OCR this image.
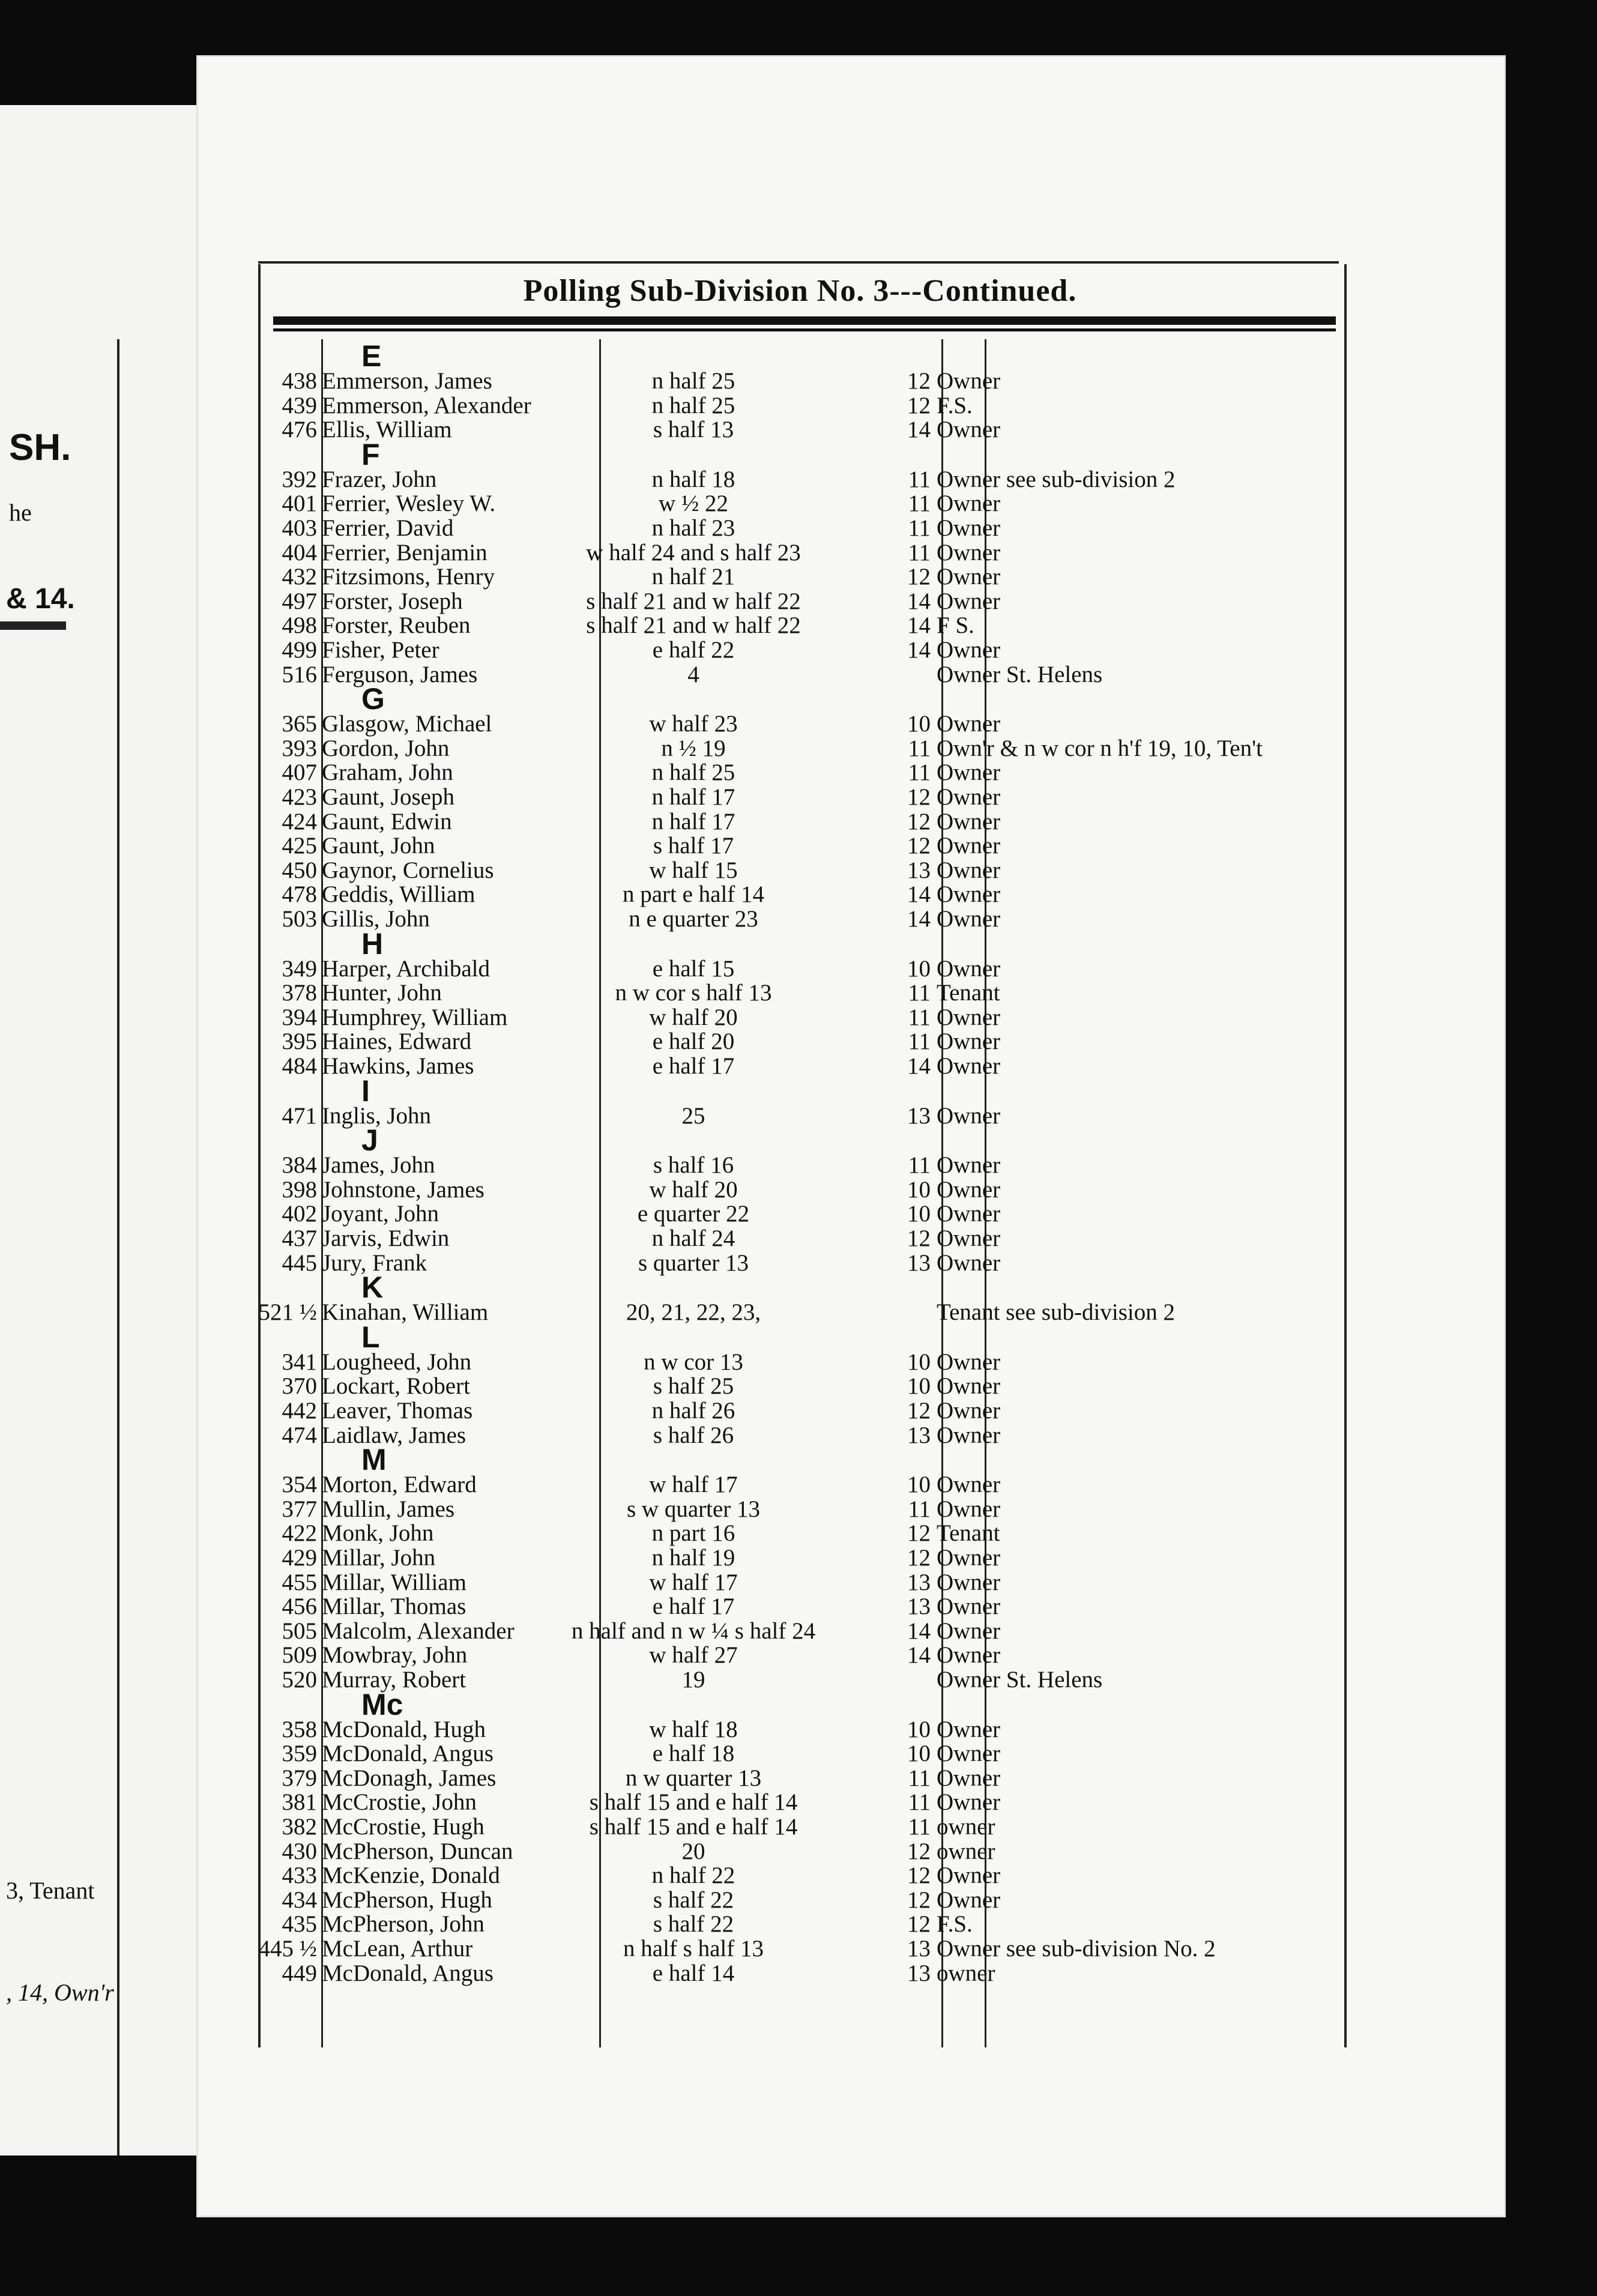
SH.
he
& 14.
3, Tenant
, 14, Own'r
Polling Sub-Division No. 3---Continued.
E
438 Emmerson, James	n half 25	12 Owner
439 Emmerson, Alexander	n half 25	12 F.S.
476 Ellis, William	s half 13	14 Owner
F
392 Frazer, John	n half 18	11 Owner see sub-division 2
401 Ferrier, Wesley W.	w ½ 22	11 Owner
403 Ferrier, David	n half 23	11 Owner
404 Ferrier, Benjamin	w half 24 and s half 23	11 Owner
432 Fitzsimons, Henry	n half 21	12 Owner
497 Forster, Joseph	s half 21 and w half 22	14 Owner
498 Forster, Reuben	s half 21 and w half 22	14 F S.
499 Fisher, Peter	e half 22	14 Owner
516 Ferguson, James	4	Owner St. Helens
G
365 Glasgow, Michael	w half 23	10 Owner
393 Gordon, John	n ½ 19	11 Own'r & n w cor n h'f 19, 10, Ten't
407 Graham, John	n half 25	11 Owner
423 Gaunt, Joseph	n half 17	12 Owner
424 Gaunt, Edwin	n half 17	12 Owner
425 Gaunt, John	s half 17	12 Owner
450 Gaynor, Cornelius	w half 15	13 Owner
478 Geddis, William	n part e half 14	14 Owner
503 Gillis, John	n e quarter 23	14 Owner
H
349 Harper, Archibald	e half 15	10 Owner
378 Hunter, John	n w cor s half 13	11 Tenant
394 Humphrey, William	w half 20	11 Owner
395 Haines, Edward	e half 20	11 Owner
484 Hawkins, James	e half 17	14 Owner
I
471 Inglis, John	25	13 Owner
J
384 James, John	s half 16	11 Owner
398 Johnstone, James	w half 20	10 Owner
402 Joyant, John	e quarter 22	10 Owner
437 Jarvis, Edwin	n half 24	12 Owner
445 Jury, Frank	s quarter 13	13 Owner
K
521 ½ Kinahan, William	20, 21, 22, 23,	Tenant see sub-division 2
L
341 Lougheed, John	n w cor 13	10 Owner
370 Lockart, Robert	s half 25	10 Owner
442 Leaver, Thomas	n half 26	12 Owner
474 Laidlaw, James	s half 26	13 Owner
M
354 Morton, Edward	w half 17	10 Owner
377 Mullin, James	s w quarter 13	11 Owner
422 Monk, John	n part 16	12 Tenant
429 Millar, John	n half 19	12 Owner
455 Millar, William	w half 17	13 Owner
456 Millar, Thomas	e half 17	13 Owner
505 Malcolm, Alexander	n half and n w ¼ s half 24	14 Owner
509 Mowbray, John	w half 27	14 Owner
520 Murray, Robert	19	Owner St. Helens
Mc
358 McDonald, Hugh	w half 18	10 Owner
359 McDonald, Angus	e half 18	10 Owner
379 McDonagh, James	n w quarter 13	11 Owner
381 McCrostie, John	s half 15 and e half 14	11 Owner
382 McCrostie, Hugh	s half 15 and e half 14	11 owner
430 McPherson, Duncan	20	12 owner
433 McKenzie, Donald	n half 22	12 Owner
434 McPherson, Hugh	s half 22	12 Owner
435 McPherson, John	s half 22	12 F.S.
445 ½ McLean, Arthur	n half s half 13	13 Owner see sub-division No. 2
449 McDonald, Angus	e half 14	13 owner
